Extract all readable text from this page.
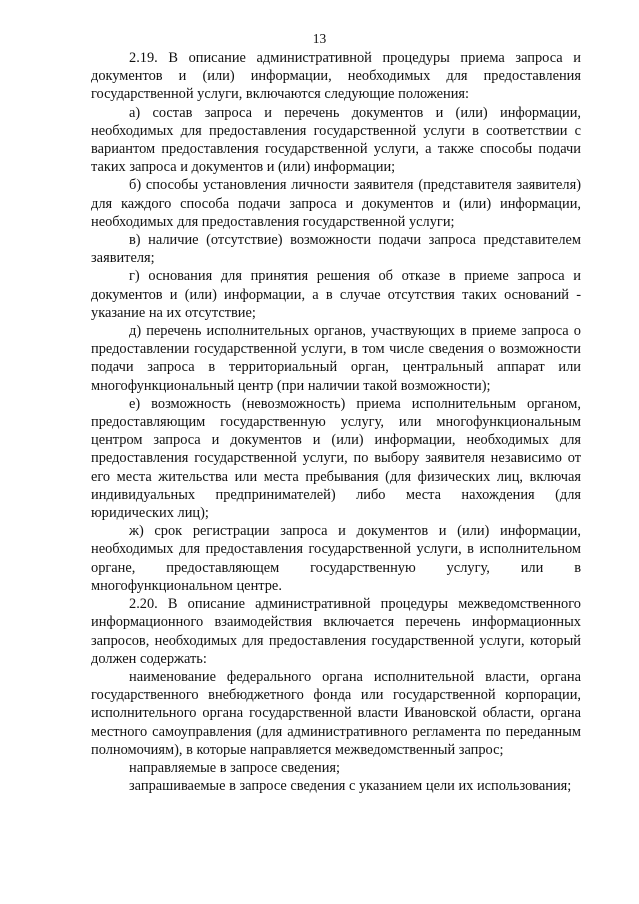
13

2.19. В описание административной процедуры приема запроса и документов и (или) информации, необходимых для предоставления государственной услуги, включаются следующие положения:

а) состав запроса и перечень документов и (или) информации, необходимых для предоставления государственной услуги в соответствии с вариантом предоставления государственной услуги, а также способы подачи таких запроса и документов и (или) информации;

б) способы установления личности заявителя (представителя заявителя) для каждого способа подачи запроса и документов и (или) информации, необходимых для предоставления государственной услуги;

в) наличие (отсутствие) возможности подачи запроса представителем заявителя;

г) основания для принятия решения об отказе в приеме запроса и документов и (или) информации, а в случае отсутствия таких оснований - указание на их отсутствие;

д) перечень исполнительных органов, участвующих в приеме запроса о предоставлении государственной услуги, в том числе сведения о возможности подачи запроса в территориальный орган, центральный аппарат или многофункциональный центр (при наличии такой возможности);

е) возможность (невозможность) приема исполнительным органом, предоставляющим государственную услугу, или многофункциональным центром запроса и документов и (или) информации, необходимых для предоставления государственной услуги, по выбору заявителя независимо от его места жительства или места пребывания (для физических лиц, включая индивидуальных предпринимателей) либо места нахождения (для юридических лиц);

ж) срок регистрации запроса и документов и (или) информации, необходимых для предоставления государственной услуги, в исполнительном органе, предоставляющем государственную услугу, или в многофункциональном центре.

2.20. В описание административной процедуры межведомственного информационного взаимодействия включается перечень информационных запросов, необходимых для предоставления государственной услуги, который должен содержать:

наименование федерального органа исполнительной власти, органа государственного внебюджетного фонда или государственной корпорации, исполнительного органа государственной власти Ивановской области, органа местного самоуправления (для административного регламента по переданным полномочиям), в которые направляется межведомственный запрос;

направляемые в запросе сведения;

запрашиваемые в запросе сведения с указанием цели их использования;
